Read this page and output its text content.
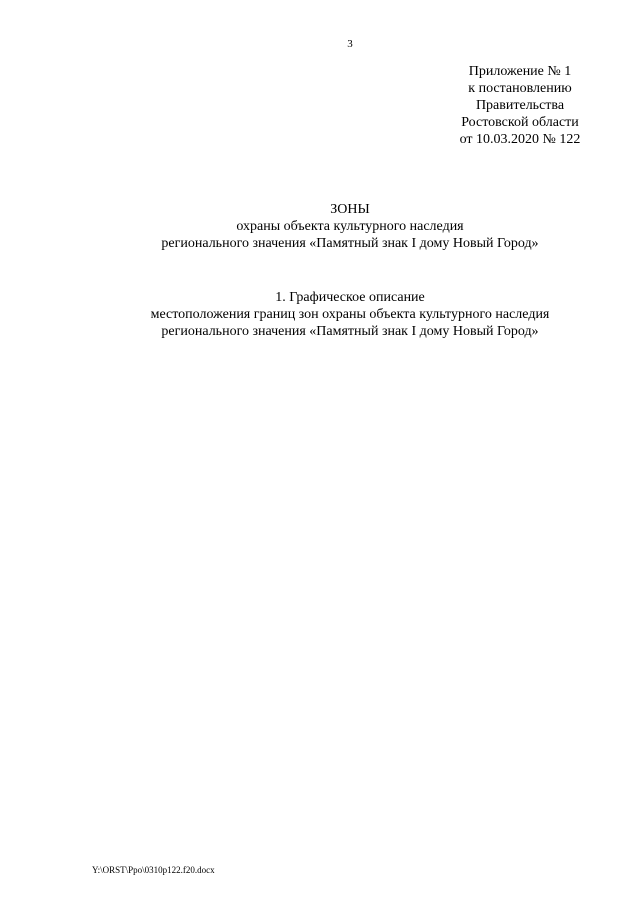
3
Приложение № 1
к постановлению
Правительства
Ростовской области
от 10.03.2020 № 122
ЗОНЫ
охраны объекта культурного наследия
регионального значения «Памятный знак I дому Новый Город»
1. Графическое описание
местоположения границ зон охраны объекта культурного наследия
регионального значения «Памятный знак I дому Новый Город»
Y:\ORST\Ppo\0310p122.f20.docx
